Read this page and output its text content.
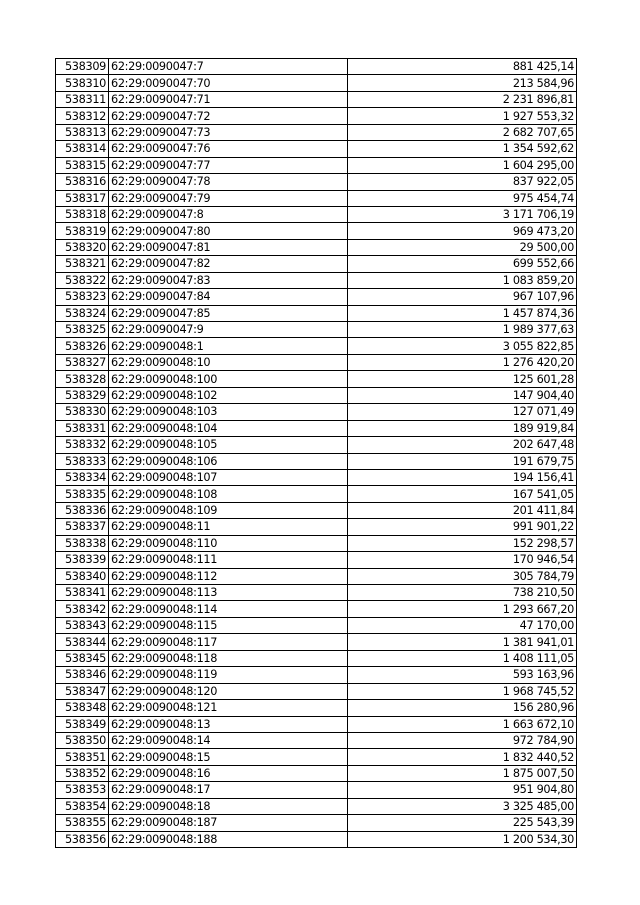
538309	62:29:0090047:7	881 425,14
538310	62:29:0090047:70	213 584,96
538311	62:29:0090047:71	2 231 896,81
538312	62:29:0090047:72	1 927 553,32
538313	62:29:0090047:73	2 682 707,65
538314	62:29:0090047:76	1 354 592,62
538315	62:29:0090047:77	1 604 295,00
538316	62:29:0090047:78	837 922,05
538317	62:29:0090047:79	975 454,74
538318	62:29:0090047:8	3 171 706,19
538319	62:29:0090047:80	969 473,20
538320	62:29:0090047:81	29 500,00
538321	62:29:0090047:82	699 552,66
538322	62:29:0090047:83	1 083 859,20
538323	62:29:0090047:84	967 107,96
538324	62:29:0090047:85	1 457 874,36
538325	62:29:0090047:9	1 989 377,63
538326	62:29:0090048:1	3 055 822,85
538327	62:29:0090048:10	1 276 420,20
538328	62:29:0090048:100	125 601,28
538329	62:29:0090048:102	147 904,40
538330	62:29:0090048:103	127 071,49
538331	62:29:0090048:104	189 919,84
538332	62:29:0090048:105	202 647,48
538333	62:29:0090048:106	191 679,75
538334	62:29:0090048:107	194 156,41
538335	62:29:0090048:108	167 541,05
538336	62:29:0090048:109	201 411,84
538337	62:29:0090048:11	991 901,22
538338	62:29:0090048:110	152 298,57
538339	62:29:0090048:111	170 946,54
538340	62:29:0090048:112	305 784,79
538341	62:29:0090048:113	738 210,50
538342	62:29:0090048:114	1 293 667,20
538343	62:29:0090048:115	47 170,00
538344	62:29:0090048:117	1 381 941,01
538345	62:29:0090048:118	1 408 111,05
538346	62:29:0090048:119	593 163,96
538347	62:29:0090048:120	1 968 745,52
538348	62:29:0090048:121	156 280,96
538349	62:29:0090048:13	1 663 672,10
538350	62:29:0090048:14	972 784,90
538351	62:29:0090048:15	1 832 440,52
538352	62:29:0090048:16	1 875 007,50
538353	62:29:0090048:17	951 904,80
538354	62:29:0090048:18	3 325 485,00
538355	62:29:0090048:187	225 543,39
538356	62:29:0090048:188	1 200 534,30
